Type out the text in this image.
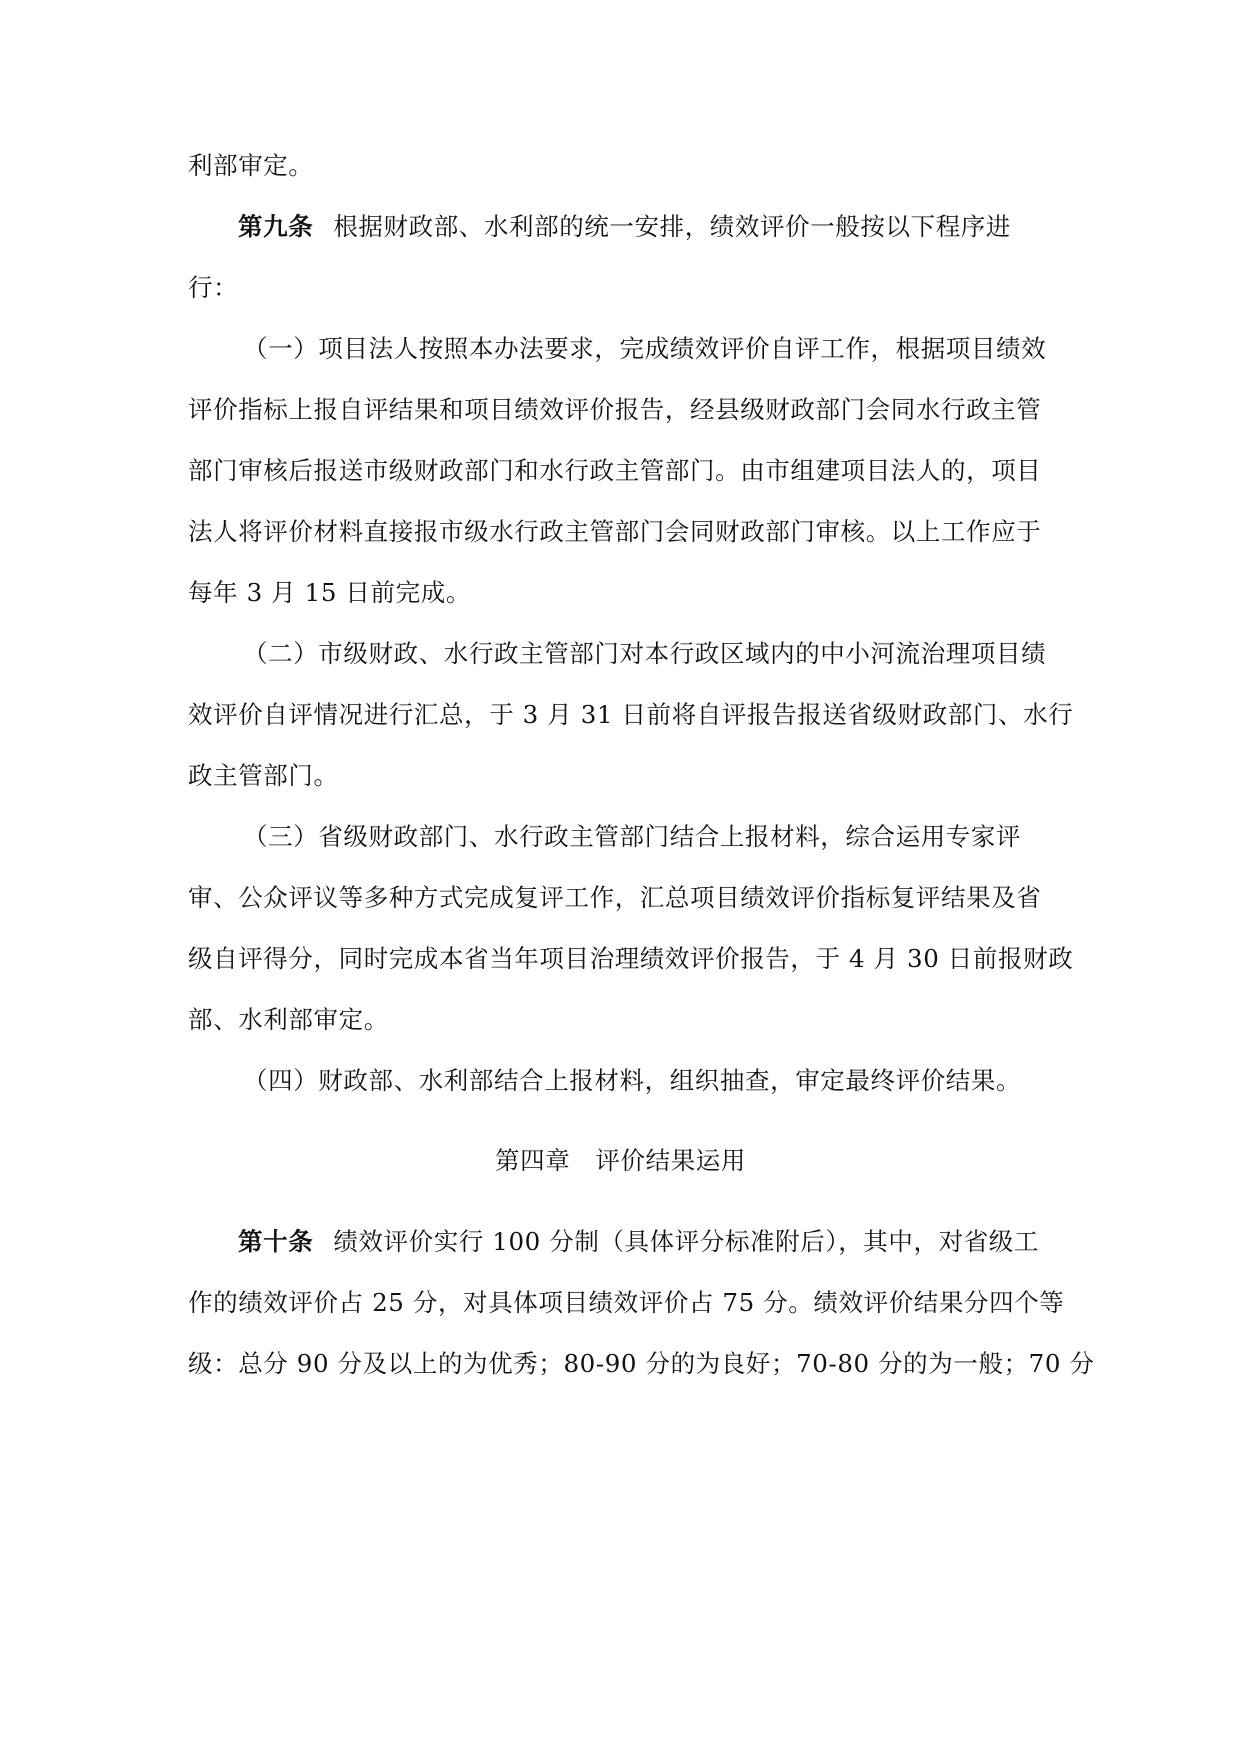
利部审定。
第九条 根据财政部、水利部的统一安排，绩效评价一般按以下程序进
行：
（一）项目法人按照本办法要求，完成绩效评价自评工作，根据项目绩效
评价指标上报自评结果和项目绩效评价报告，经县级财政部门会同水行政主管
部门审核后报送市级财政部门和水行政主管部门。由市组建项目法人的，项目
法人将评价材料直接报市级水行政主管部门会同财政部门审核。以上工作应于
每年 3 月 15 日前完成。
（二）市级财政、水行政主管部门对本行政区域内的中小河流治理项目绩
效评价自评情况进行汇总，于 3 月 31 日前将自评报告报送省级财政部门、水行
政主管部门。
（三）省级财政部门、水行政主管部门结合上报材料，综合运用专家评
审、公众评议等多种方式完成复评工作，汇总项目绩效评价指标复评结果及省
级自评得分，同时完成本省当年项目治理绩效评价报告，于 4 月 30 日前报财政
部、水利部审定。
（四）财政部、水利部结合上报材料，组织抽查，审定最终评价结果。
第四章　评价结果运用
第十条 绩效评价实行 100 分制（具体评分标准附后），其中，对省级工
作的绩效评价占 25 分，对具体项目绩效评价占 75 分。绩效评价结果分四个等
级：总分 90 分及以上的为优秀；80-90 分的为良好；70-80 分的为一般；70 分
